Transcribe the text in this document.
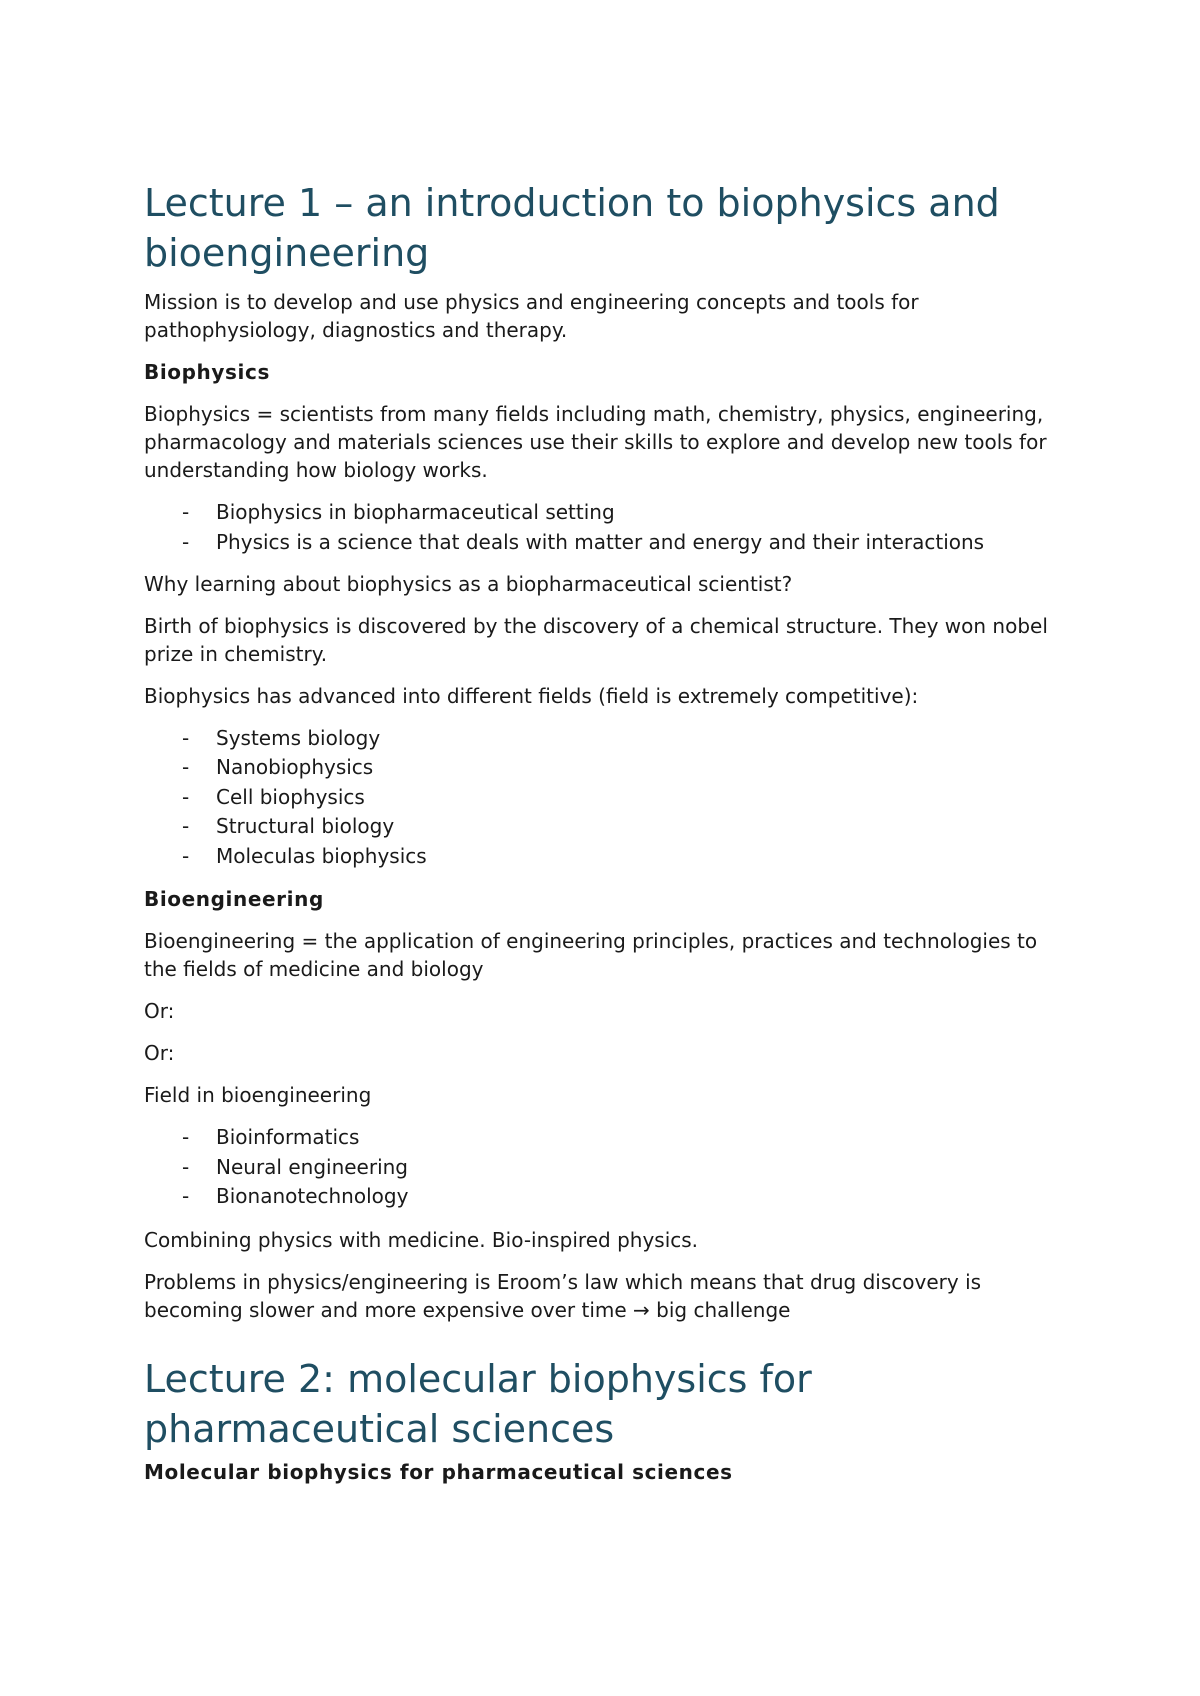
Lecture 1 – an introduction to biophysics and bioengineering

Mission is to develop and use physics and engineering concepts and tools for pathophysiology, diagnostics and therapy.

Biophysics

Biophysics = scientists from many fields including math, chemistry, physics, engineering, pharmacology and materials sciences use their skills to explore and develop new tools for understanding how biology works.

- Biophysics in biopharmaceutical setting
- Physics is a science that deals with matter and energy and their interactions

Why learning about biophysics as a biopharmaceutical scientist?

Birth of biophysics is discovered by the discovery of a chemical structure. They won nobel prize in chemistry.

Biophysics has advanced into different fields (field is extremely competitive):

- Systems biology
- Nanobiophysics
- Cell biophysics
- Structural biology
- Moleculas biophysics

Bioengineering

Bioengineering = the application of engineering principles, practices and technologies to the fields of medicine and biology

Or:

Or:

Field in bioengineering

- Bioinformatics
- Neural engineering
- Bionanotechnology

Combining physics with medicine. Bio-inspired physics.

Problems in physics/engineering is Eroom’s law which means that drug discovery is becoming slower and more expensive over time → big challenge

Lecture 2: molecular biophysics for pharmaceutical sciences

Molecular biophysics for pharmaceutical sciences
